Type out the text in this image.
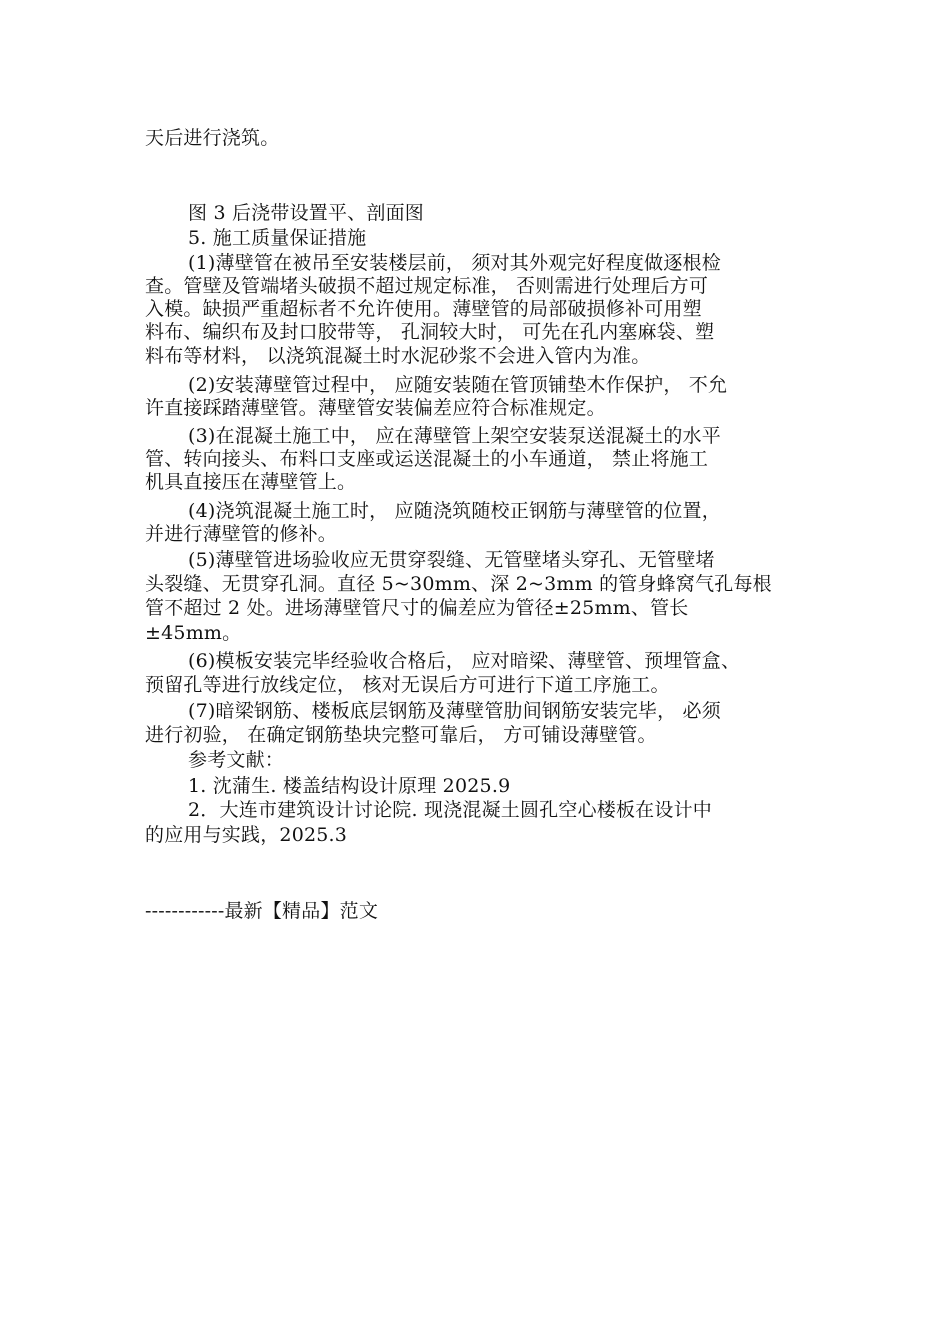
天后进行浇筑。
图 3 后浇带设置平、剖面图
5. 施工质量保证措施
(1)薄壁管在被吊至安装楼层前， 须对其外观完好程度做逐根检
查。管壁及管端堵头破损不超过规定标准， 否则需进行处理后方可
入模。缺损严重超标者不允许使用。薄壁管的局部破损修补可用塑
料布、编织布及封口胶带等， 孔洞较大时， 可先在孔内塞麻袋、塑
料布等材料， 以浇筑混凝土时水泥砂浆不会进入管内为准。
(2)安装薄壁管过程中， 应随安装随在管顶铺垫木作保护， 不允
许直接踩踏薄壁管。薄壁管安装偏差应符合标准规定。
(3)在混凝土施工中， 应在薄壁管上架空安装泵送混凝土的水平
管、转向接头、布料口支座或运送混凝土的小车通道， 禁止将施工
机具直接压在薄壁管上。
(4)浇筑混凝土施工时， 应随浇筑随校正钢筋与薄壁管的位置，
并进行薄壁管的修补。
(5)薄壁管进场验收应无贯穿裂缝、无管壁堵头穿孔、无管壁堵
头裂缝、无贯穿孔洞。直径 5~30mm、深 2~3mm 的管身蜂窝气孔每根
管不超过 2 处。进场薄壁管尺寸的偏差应为管径±25mm、管长
±45mm。
(6)模板安装完毕经验收合格后， 应对暗梁、薄壁管、预埋管盒、
预留孔等进行放线定位， 核对无误后方可进行下道工序施工。
(7)暗梁钢筋、楼板底层钢筋及薄壁管肋间钢筋安装完毕， 必须
进行初验， 在确定钢筋垫块完整可靠后， 方可铺设薄壁管。
参考文献：
1. 沈蒲生. 楼盖结构设计原理 2025.9
2．大连市建筑设计讨论院. 现浇混凝土圆孔空心楼板在设计中
的应用与实践，2025.3
------------最新【精品】范文
